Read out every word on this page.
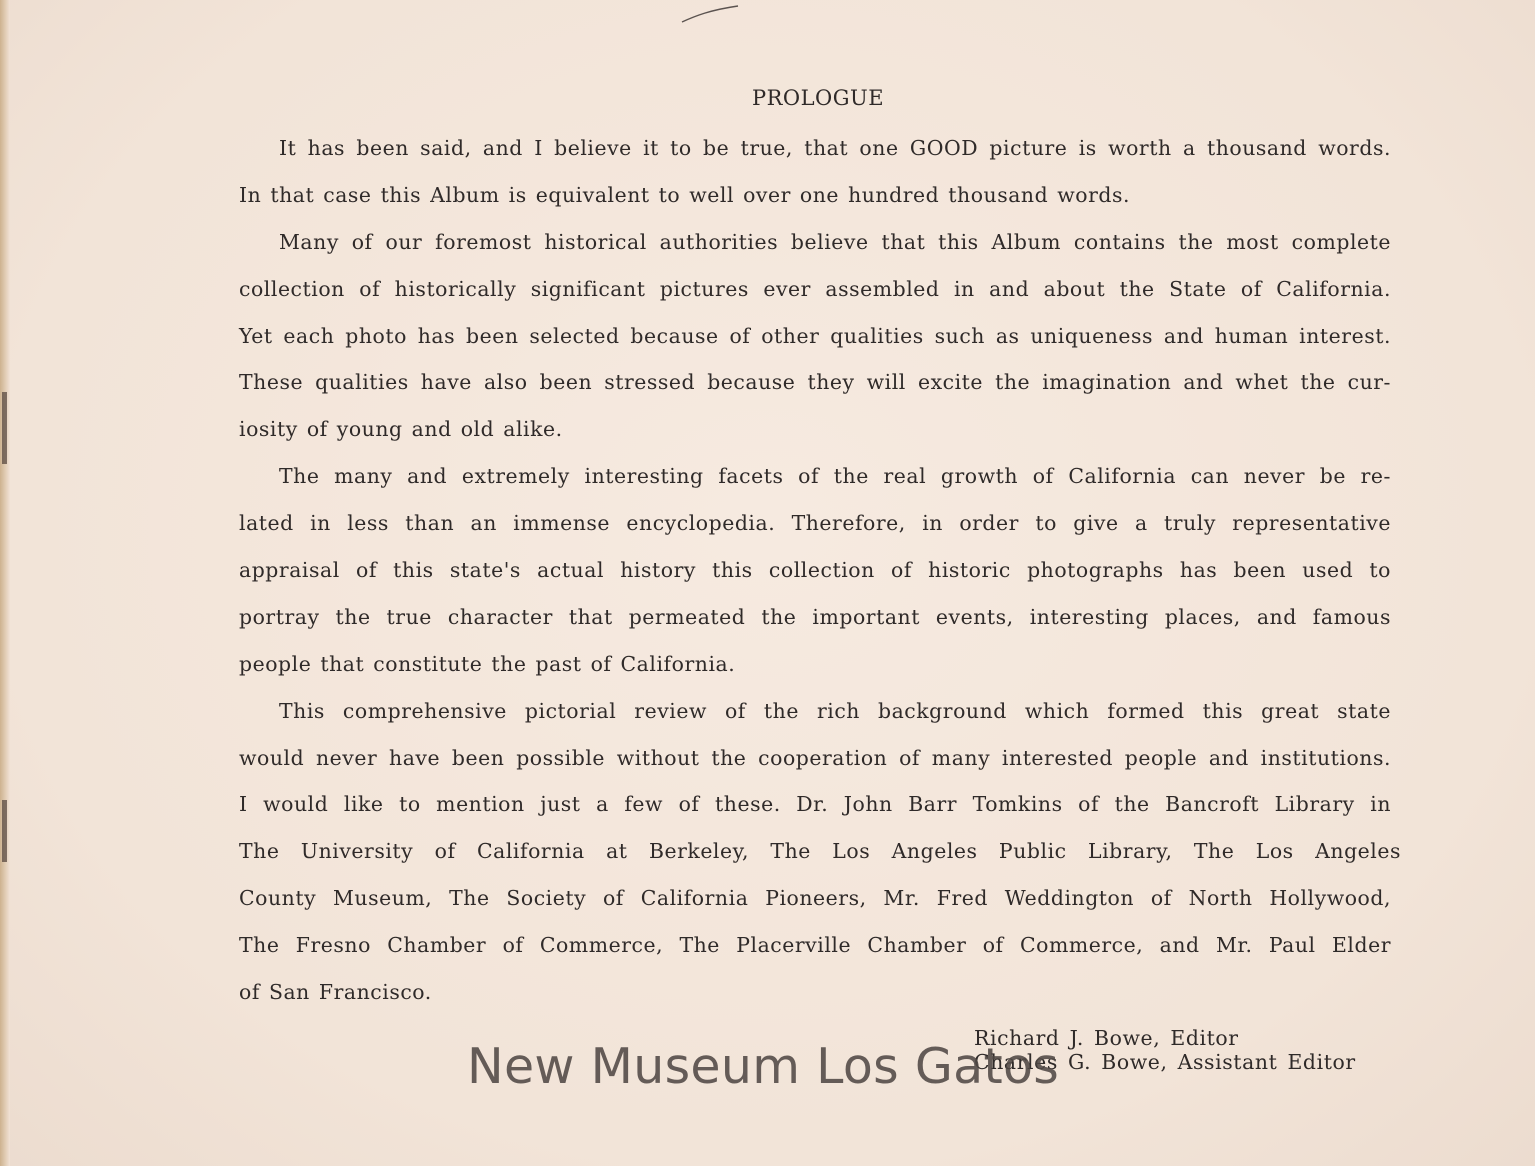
PROLOGUE
It has been said, and I believe it to be true, that one GOOD picture is worth a thousand words.
In that case this Album is equivalent to well over one hundred thousand words.
Many of our foremost historical authorities believe that this Album contains the most complete
collection of historically significant pictures ever assembled in and about the State of California.
Yet each photo has been selected because of other qualities such as uniqueness and human interest.
These qualities have also been stressed because they will excite the imagination and whet the cur-
iosity of young and old alike.
The many and extremely interesting facets of the real growth of California can never be re-
lated in less than an immense encyclopedia. Therefore, in order to give a truly representative
appraisal of this state's actual history this collection of historic photographs has been used to
portray the true character that permeated the important events, interesting places, and famous
people that constitute the past of California.
This comprehensive pictorial review of the rich background which formed this great state
would never have been possible without the cooperation of many interested people and institutions.
I would like to mention just a few of these. Dr. John Barr Tomkins of the Bancroft Library in
The University of California at Berkeley, The Los Angeles Public Library, The Los Angeles
County Museum, The Society of California Pioneers, Mr. Fred Weddington of North Hollywood,
The Fresno Chamber of Commerce, The Placerville Chamber of Commerce, and Mr. Paul Elder
of San Francisco.
Richard J. Bowe, Editor
Charles G. Bowe, Assistant Editor
New Museum Los Gatos
